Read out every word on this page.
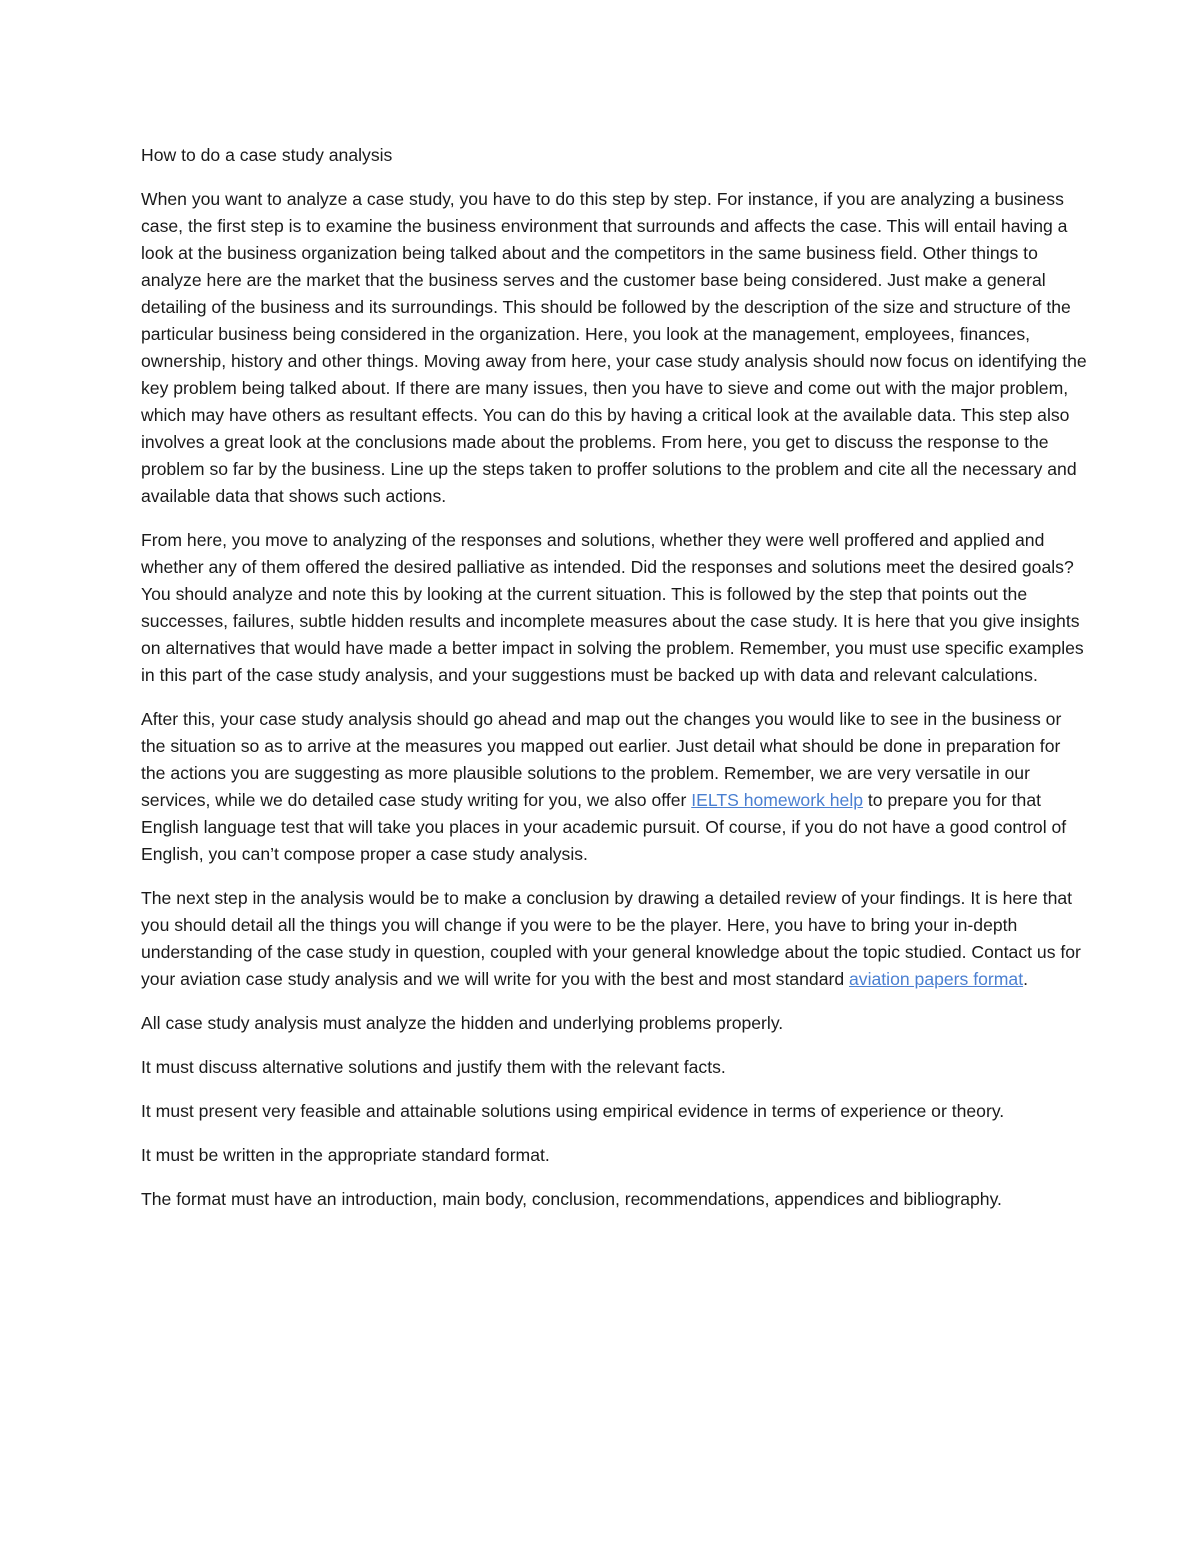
How to do a case study analysis

When you want to analyze a case study, you have to do this step by step. For instance, if you are analyzing a business case, the first step is to examine the business environment that surrounds and affects the case. This will entail having a look at the business organization being talked about and the competitors in the same business field. Other things to analyze here are the market that the business serves and the customer base being considered. Just make a general detailing of the business and its surroundings. This should be followed by the description of the size and structure of the particular business being considered in the organization. Here, you look at the management, employees, finances, ownership, history and other things. Moving away from here, your case study analysis should now focus on identifying the key problem being talked about. If there are many issues, then you have to sieve and come out with the major problem, which may have others as resultant effects. You can do this by having a critical look at the available data. This step also involves a great look at the conclusions made about the problems. From here, you get to discuss the response to the problem so far by the business. Line up the steps taken to proffer solutions to the problem and cite all the necessary and available data that shows such actions.

From here, you move to analyzing of the responses and solutions, whether they were well proffered and applied and whether any of them offered the desired palliative as intended. Did the responses and solutions meet the desired goals? You should analyze and note this by looking at the current situation. This is followed by the step that points out the successes, failures, subtle hidden results and incomplete measures about the case study. It is here that you give insights on alternatives that would have made a better impact in solving the problem. Remember, you must use specific examples in this part of the case study analysis, and your suggestions must be backed up with data and relevant calculations.

After this, your case study analysis should go ahead and map out the changes you would like to see in the business or the situation so as to arrive at the measures you mapped out earlier. Just detail what should be done in preparation for the actions you are suggesting as more plausible solutions to the problem. Remember, we are very versatile in our services, while we do detailed case study writing for you, we also offer IELTS homework help to prepare you for that English language test that will take you places in your academic pursuit. Of course, if you do not have a good control of English, you can’t compose proper a case study analysis.

The next step in the analysis would be to make a conclusion by drawing a detailed review of your findings. It is here that you should detail all the things you will change if you were to be the player. Here, you have to bring your in-depth understanding of the case study in question, coupled with your general knowledge about the topic studied. Contact us for your aviation case study analysis and we will write for you with the best and most standard aviation papers format.

All case study analysis must analyze the hidden and underlying problems properly.

It must discuss alternative solutions and justify them with the relevant facts.

It must present very feasible and attainable solutions using empirical evidence in terms of experience or theory.

It must be written in the appropriate standard format.

The format must have an introduction, main body, conclusion, recommendations, appendices and bibliography.
